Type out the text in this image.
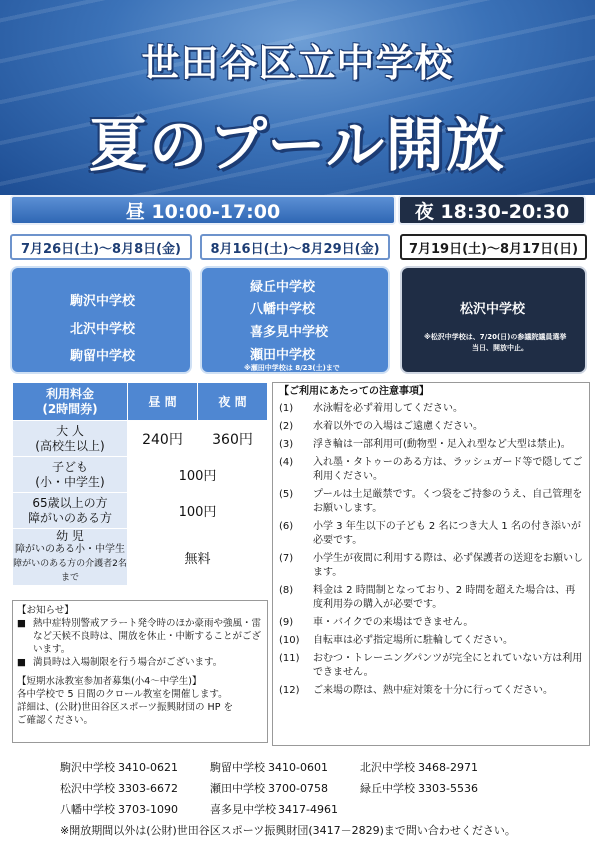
世田谷区立中学校
夏のプール開放
昼 10:00-17:00	夜 18:30-20:30
7月26日(土)～8月8日(金)	8月16日(土)～8月29日(金)	7月19日(土)～8月17日(日)
駒沢中学校
北沢中学校
駒留中学校
緑丘中学校
八幡中学校
喜多見中学校
瀬田中学校
※瀬田中学校は 8/23(土)まで
松沢中学校
※松沢中学校は、7/20(日)の参議院議員選挙
当日、開放中止。
利用料金
(2時間券)	昼 間	夜 間

大 人
(高校生以上)	240円	360円

子ども
(小・中学生)	100円	

65歳以上の方
障がいのある方	100円	

幼 児
障がいのある小・中学生
障がいのある方の介護者2名まで	無料	
【お知らせ】
■ 熱中症特別警戒アラート発令時のほか豪雨や強風・雷など天候不良時は、開放を休止・中断することがございます。
■ 満員時は入場制限を行う場合がございます。
【短期水泳教室参加者募集(小4～中学生)】
各中学校で 5 日間のクロール教室を開催します。
詳細は、(公財)世田谷区スポーツ振興財団の HP を
ご確認ください。
【ご利用にあたっての注意事項】
(1)	水泳帽を必ず着用してください。
(2)	水着以外での入場はご遠慮ください。
(3)	浮き輪は一部利用可(動物型・足入れ型など大型は禁止)。
(4)	入れ墨・タトゥーのある方は、ラッシュガード等で隠してご利用ください。
(5)	プールは土足厳禁です。くつ袋をご持参のうえ、自己管理をお願いします。
(6)	小学 3 年生以下の子ども 2 名につき大人 1 名の付き添いが必要です。
(7)	小学生が夜間に利用する際は、必ず保護者の送迎をお願いします。
(8)	料金は 2 時間制となっており、2 時間を超えた場合は、再度利用券の購入が必要です。
(9)	車・バイクでの来場はできません。
(10)	自転車は必ず指定場所に駐輪してください。
(11)	おむつ・トレーニングパンツが完全にとれていない方は利用できません。
(12)	ご来場の際は、熱中症対策を十分に行ってください。
駒沢中学校 3410-0621	駒留中学校 3410-0601	北沢中学校 3468-2971
松沢中学校 3303-6672	瀬田中学校 3700-0758	緑丘中学校 3303-5536
八幡中学校 3703-1090	喜多見中学校 3417-4961
※開放期間以外は(公財)世田谷区スポーツ振興財団(3417－2829)まで問い合わせください。
